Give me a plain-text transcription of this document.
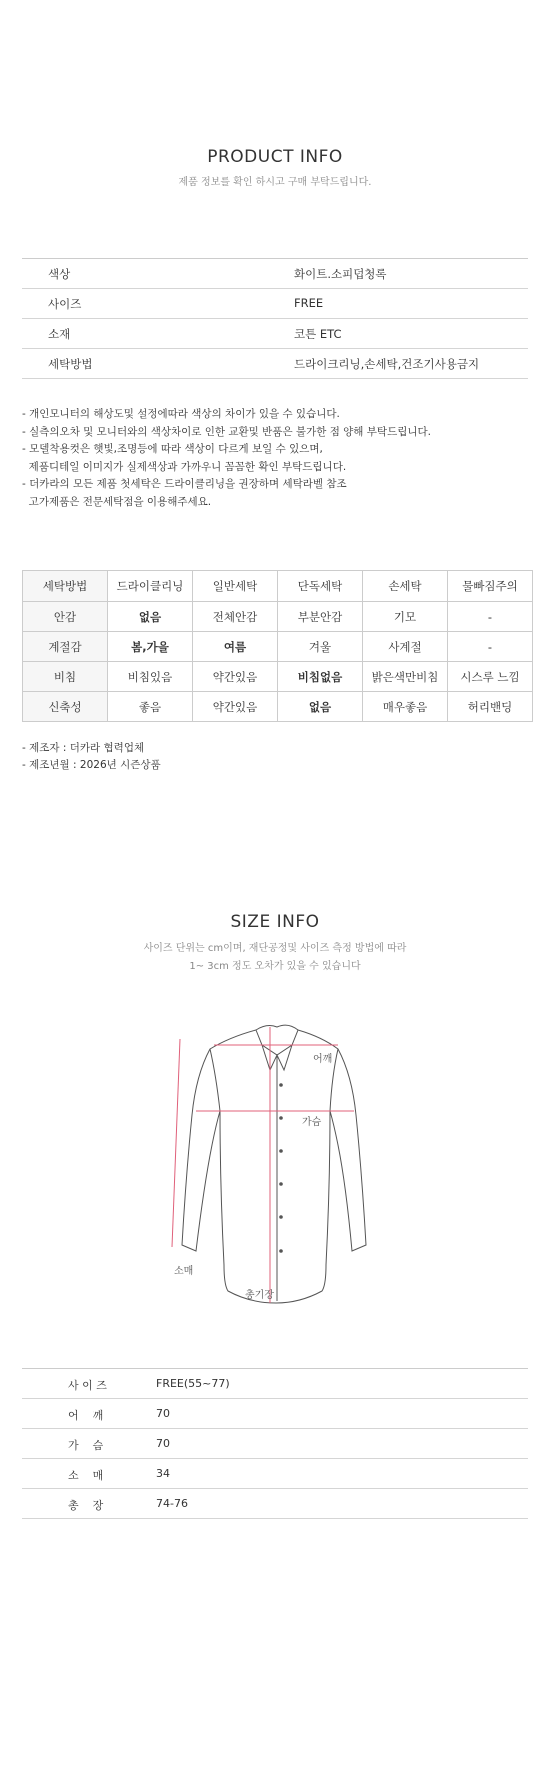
PRODUCT INFO
제품 정보를 확인 하시고 구매 부탁드립니다.
색상	화이트.소피덥청록
사이즈	FREE
소재	코튼 ETC
세탁방법	드라이크리닝,손세탁,건조기사용금지
- 개인모니터의 해상도및 설정에따라 색상의 차이가 있을 수 있습니다.
- 실측의오차 및 모니터와의 색상차이로 인한 교환및 반품은 불가한 점 양해 부탁드립니다.
- 모델착용컷은 햇빛,조명등에 따라 색상이 다르게 보일 수 있으며,
제품디테일 이미지가 실제색상과 가까우니 꼼꼼한 확인 부탁드립니다.
- 더카라의 모든 제품 첫세탁은 드라이클리닝을 권장하며 세탁라벨 참조
고가제품은 전문세탁점을 이용해주세요.
세탁방법	드라이클리닝	일반세탁	단독세탁	손세탁	물빠짐주의
안감	없음	전체안감	부분안감	기모	-
계절감	봄,가을	여름	겨울	사계절	-
비침	비침있음	약간있음	비침없음	밝은색만비침	시스루 느낌
신축성	좋음	약간있음	없음	매우좋음	허리밴딩
- 제조자 : 더카라 협력업체
- 제조년월 : 2026년 시즌상품
SIZE INFO
사이즈 단위는 cm이며, 재단공정및 사이즈 측정 방법에 따라
1~ 3cm 정도 오차가 있을 수 있습니다
어깨
가슴
소매
총기장
사 이 즈	FREE(55~77)
어    깨	70
가    슴	70
소    매	34
총    장	74-76
